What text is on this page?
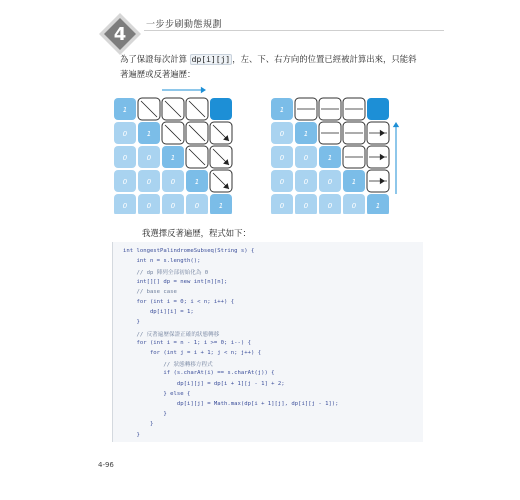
4 一步步刷動態規劃
為了保證每次計算 dp[i][j] ，左、下、右方向的位置已經被計算出來，只能斜著遍歷或反著遍歷：
1
0	1
0	0	1
0	0	0	1
0	0	0	0	1
1
0	1
0	0	1
0	0	0	1
0	0	0	0	1
我選擇反著遍歷，程式如下：
int longestPalindromeSubseq(String s) {
int n = s.length();
// dp 陣列全部初始化為 0
int[][] dp = new int[n][n];
// base case
for (int i = 0; i < n; i++) {
dp[i][i] = 1;
}
// 反著遍歷保證正確的狀態轉移
for (int i = n - 1; i >= 0; i--) {
for (int j = i + 1; j < n; j++) {
// 狀態轉移方程式
if (s.charAt(i) == s.charAt(j)) {
dp[i][j] = dp[i + 1][j - 1] + 2;
} else {
dp[i][j] = Math.max(dp[i + 1][j], dp[i][j - 1]);
}
}
}
4-96
